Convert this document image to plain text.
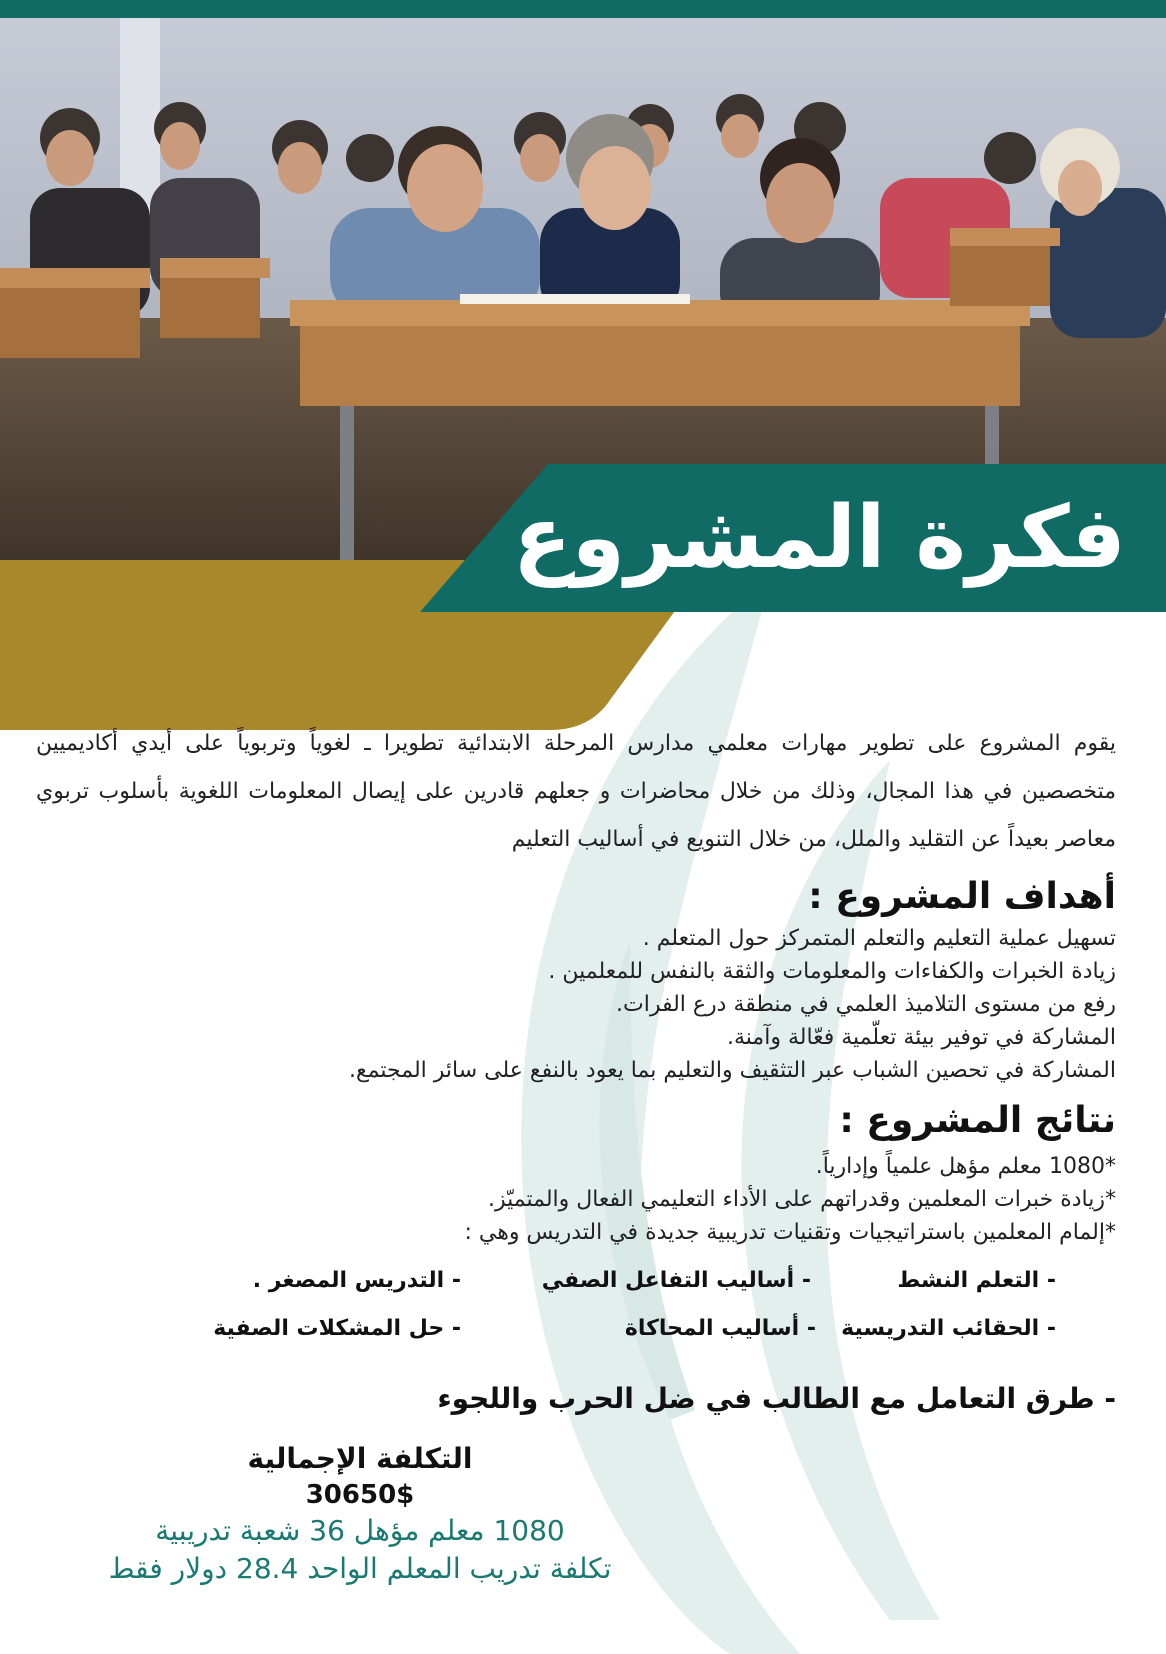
فكرة المشروع
يقوم المشروع على تطوير مهارات معلمي مدارس المرحلة الابتدائية تطويرا ـ لغوياً وتربوياً على أيدي أكاديميين متخصصين في هذا المجال، وذلك من خلال محاضرات و جعلهم قادرين على إيصال المعلومات اللغوية بأسلوب تربوي معاصر بعيداً عن التقليد والملل، من خلال التنويع في أساليب التعليم
أهداف المشروع :
تسهيل عملية التعليم والتعلم المتمركز حول المتعلم .
زيادة الخبرات والكفاءات والمعلومات والثقة بالنفس للمعلمين .
رفع من مستوى التلاميذ العلمي في منطقة درع الفرات.
المشاركة في توفير بيئة تعلّمية فعّالة وآمنة.
المشاركة في تحصين الشباب عبر التثقيف والتعليم بما يعود بالنفع على سائر المجتمع.
نتائج المشروع :
*1080 معلم مؤهل علمياً وإدارياً.
*زيادة خبرات المعلمين وقدراتهم على الأداء التعليمي الفعال والمتميّز.
*إلمام المعلمين باستراتيجيات وتقنيات تدريبية جديدة في التدريس وهي :
- التعلم النشط
- أساليب التفاعل الصفي
- التدريس المصغر .
- الحقائب التدريسية
- أساليب المحاكاة
- حل المشكلات الصفية
- طرق التعامل مع الطالب في ضل الحرب واللجوء
التكلفة الإجمالية
30650$
1080 معلم مؤهل 36 شعبة تدريبية
تكلفة تدريب المعلم الواحد 28.4 دولار فقط
